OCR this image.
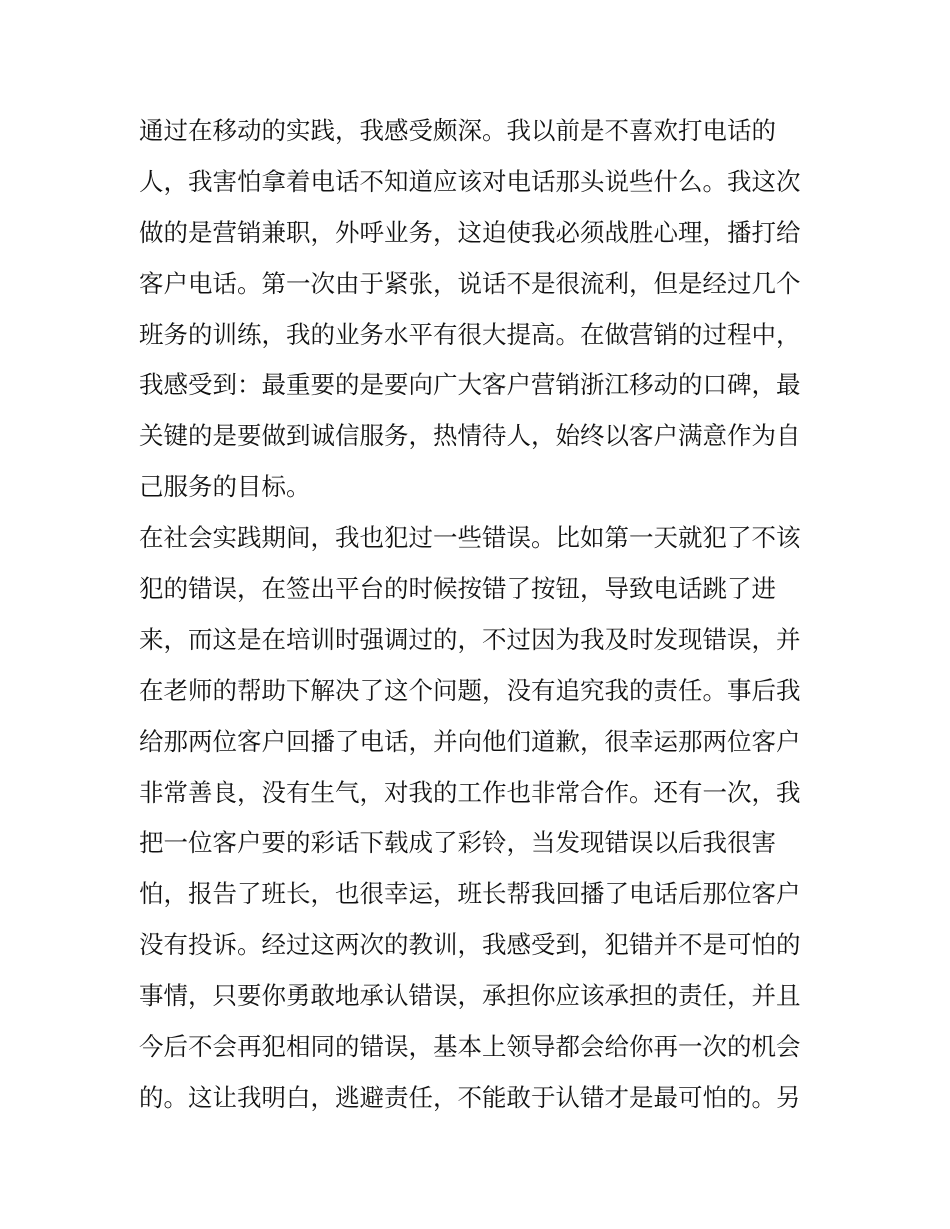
通过在移动的实践，我感受颇深。我以前是不喜欢打电话的
人，我害怕拿着电话不知道应该对电话那头说些什么。我这次
做的是营销兼职，外呼业务，这迫使我必须战胜心理，播打给
客户电话。第一次由于紧张，说话不是很流利，但是经过几个
班务的训练，我的业务水平有很大提高。在做营销的过程中，
我感受到：最重要的是要向广大客户营销浙江移动的口碑，最
关键的是要做到诚信服务，热情待人，始终以客户满意作为自
己服务的目标。
在社会实践期间，我也犯过一些错误。比如第一天就犯了不该
犯的错误，在签出平台的时候按错了按钮，导致电话跳了进
来，而这是在培训时强调过的，不过因为我及时发现错误，并
在老师的帮助下解决了这个问题，没有追究我的责任。事后我
给那两位客户回播了电话，并向他们道歉，很幸运那两位客户
非常善良，没有生气，对我的工作也非常合作。还有一次，我
把一位客户要的彩话下载成了彩铃，当发现错误以后我很害
怕，报告了班长，也很幸运，班长帮我回播了电话后那位客户
没有投诉。经过这两次的教训，我感受到，犯错并不是可怕的
事情，只要你勇敢地承认错误，承担你应该承担的责任，并且
今后不会再犯相同的错误，基本上领导都会给你再一次的机会
的。这让我明白，逃避责任，不能敢于认错才是最可怕的。另
